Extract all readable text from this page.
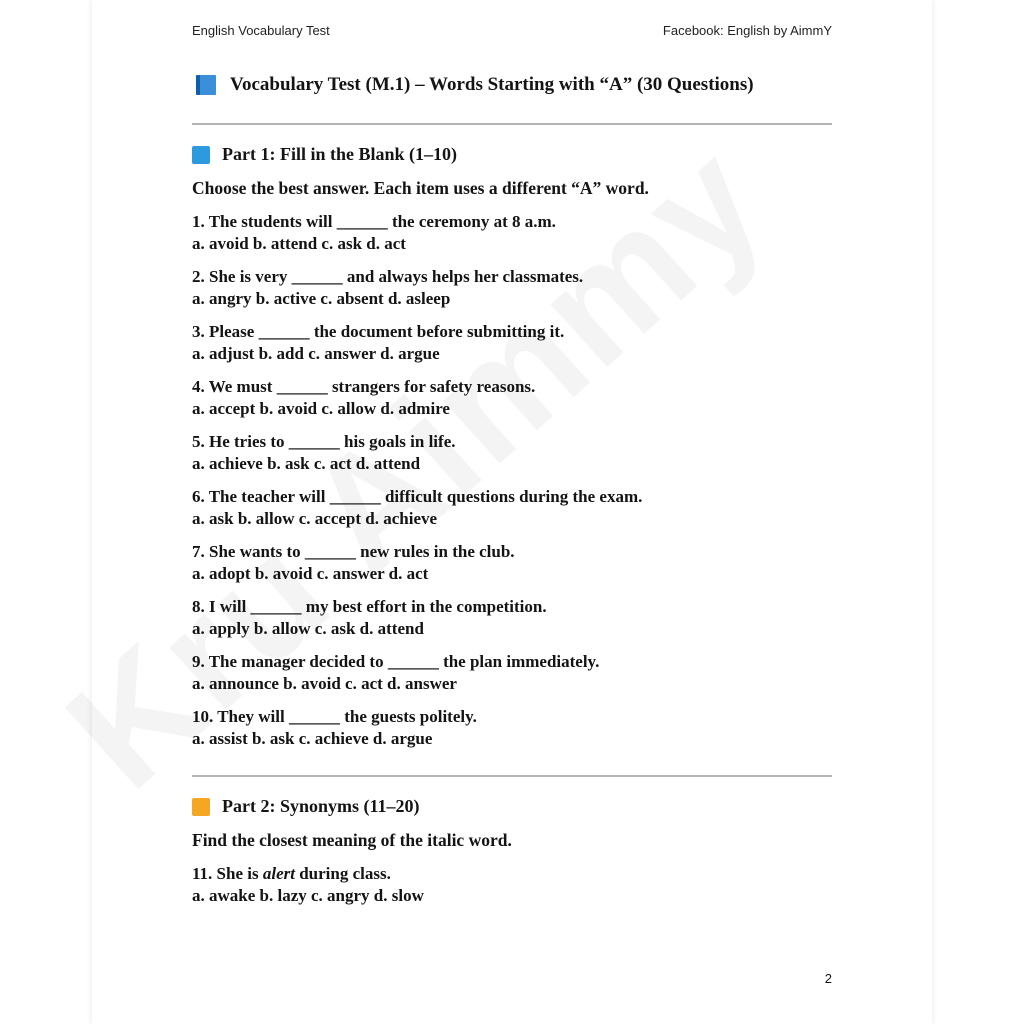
English Vocabulary Test	Facebook: English by AimmY
Vocabulary Test (M.1) – Words Starting with “A” (30 Questions)
Part 1: Fill in the Blank (1–10)
Choose the best answer. Each item uses a different “A” word.
Part 2: Synonyms (11–20)
Find the closest meaning of the italic word.
11. She is alert during class.
a. awake b. lazy c. angry d. slow
2
1. The students will ______ the ceremony at 8 a.m.
a. avoid b. attend c. ask d. act
2. She is very ______ and always helps her classmates.
a. angry b. active c. absent d. asleep
3. Please ______ the document before submitting it.
a. adjust b. add c. answer d. argue
4. We must ______ strangers for safety reasons.
a. accept b. avoid c. allow d. admire
5. He tries to ______ his goals in life.
a. achieve b. ask c. act d. attend
6. The teacher will ______ difficult questions during the exam.
a. ask b. allow c. accept d. achieve
7. She wants to ______ new rules in the club.
a. adopt b. avoid c. answer d. act
8. I will ______ my best effort in the competition.
a. apply b. allow c. ask d. attend
9. The manager decided to ______ the plan immediately.
a. announce b. avoid c. act d. answer
10. They will ______ the guests politely.
a. assist b. ask c. achieve d. argue
